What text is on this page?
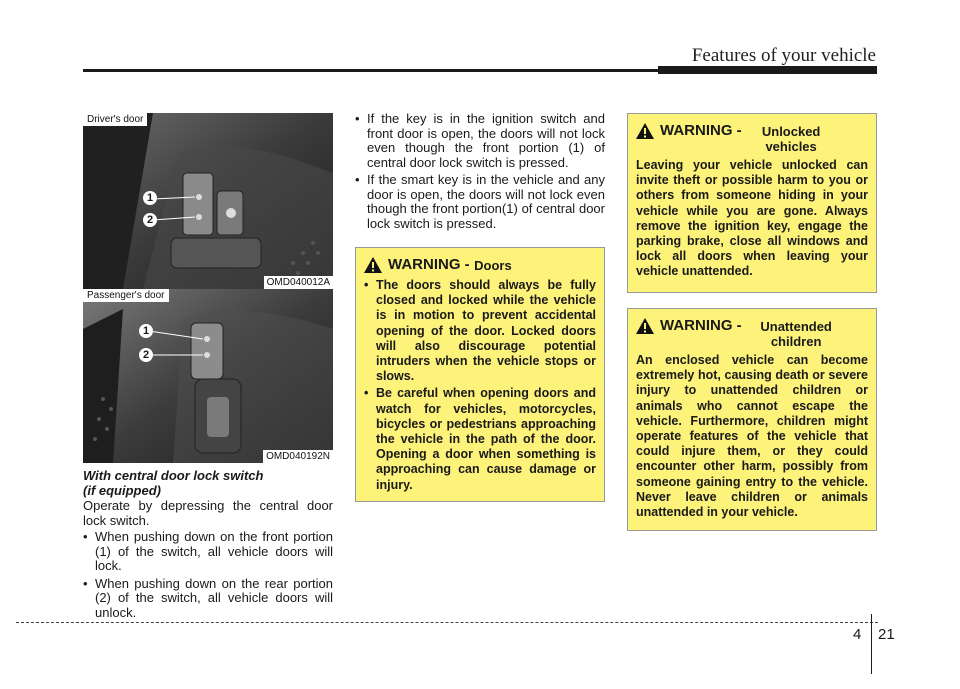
Features of your vehicle
Driver's door
1
2
OMD040012A
Passenger's door
1
2
OMD040192N
With central door lock switch
(if equipped)
Operate by depressing the central door lock switch.
• When pushing down on the front portion (1) of the switch, all vehicle doors will lock.
• When pushing down on the rear portion (2) of the switch, all vehicle doors will unlock.
• If the key is in the ignition switch and front door is open, the doors will not lock even though the front portion (1) of central door lock switch is pressed.
• If the smart key is in the vehicle and any door is open, the doors will not lock even though the front portion(1) of central door lock switch is pressed.
WARNING -
Doors
• The doors should always be fully closed and locked while the vehicle is in motion to prevent accidental opening of the door. Locked doors will also discourage potential intruders when the vehicle stops or slows.
• Be careful when opening doors and watch for vehicles, motorcycles, bicycles or pedestrians approaching the vehicle in the path of the door. Opening a door when something is approaching can cause damage or injury.
WARNING -
	Unlocked vehicles
Leaving your vehicle unlocked can invite theft or possible harm to you or others from someone hiding in your vehicle while you are gone. Always remove the ignition key, engage the parking brake, close all windows and lock all doors when leaving your vehicle unattended.
WARNING -
	Unattended children
An enclosed vehicle can become extremely hot, causing death or severe injury to unattended children or animals who cannot escape the vehicle. Furthermore, children might operate features of the vehicle that could injure them, or they could encounter other harm, possibly from someone gaining entry to the vehicle. Never leave children or animals unattended in your vehicle.
4 21
